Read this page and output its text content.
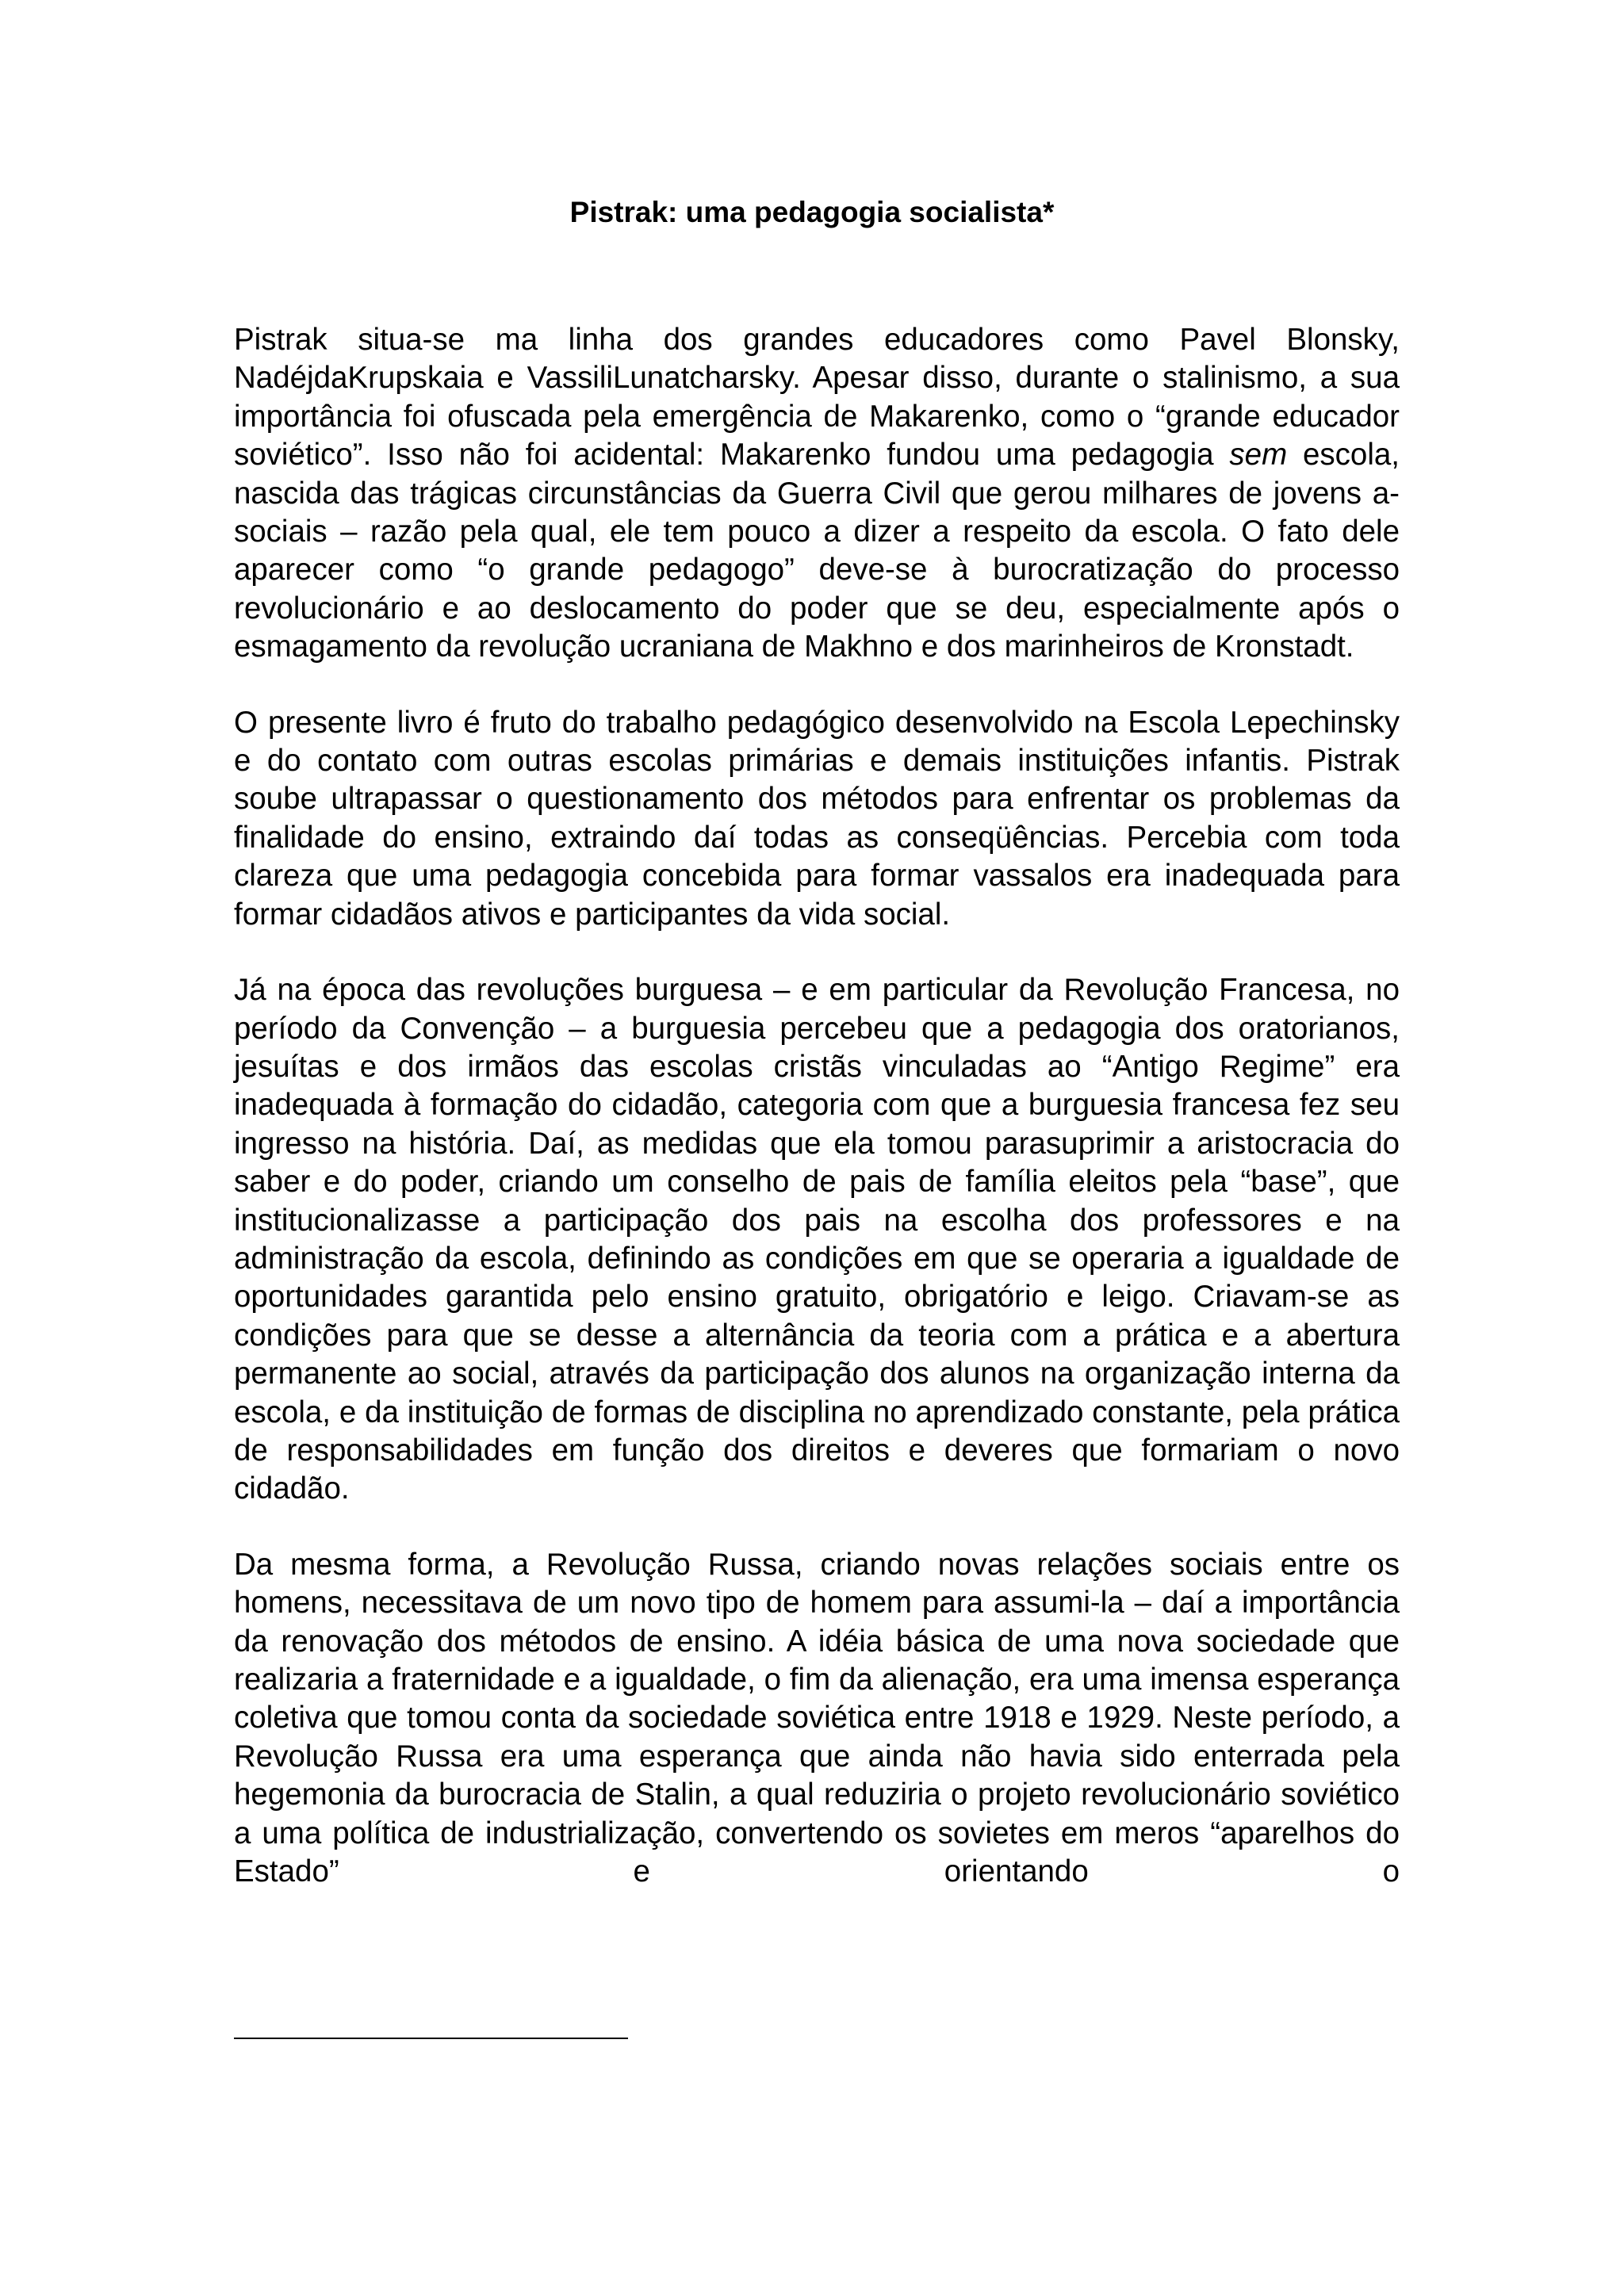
Pistrak: uma pedagogia socialista*

Pistrak situa-se ma linha dos grandes educadores como Pavel Blonsky, NadéjdaKrupskaia e VassiliLunatcharsky. Apesar disso, durante o stalinismo, a sua importância foi ofuscada pela emergência de Makarenko, como o “grande educador soviético”. Isso não foi acidental: Makarenko fundou uma pedagogia sem escola, nascida das trágicas circunstâncias da Guerra Civil que gerou milhares de jovens a-sociais – razão pela qual, ele tem pouco a dizer a respeito da escola. O fato dele aparecer como “o grande pedagogo” deve-se à burocratização do processo revolucionário e ao deslocamento do poder que se deu, especialmente após o esmagamento da revolução ucraniana de Makhno e dos marinheiros de Kronstadt.

O presente livro é fruto do trabalho pedagógico desenvolvido na Escola Lepechinsky e do contato com outras escolas primárias e demais instituições infantis. Pistrak soube ultrapassar o questionamento dos métodos para enfrentar os problemas da finalidade do ensino, extraindo daí todas as conseqüências. Percebia com toda clareza que uma pedagogia concebida para formar vassalos era inadequada para formar cidadãos ativos e participantes da vida social.

Já na época das revoluções burguesa – e em particular da Revolução Francesa, no período da Convenção – a burguesia percebeu que a pedagogia dos oratorianos, jesuítas e dos irmãos das escolas cristãs vinculadas ao “Antigo Regime” era inadequada à formação do cidadão, categoria com que a burguesia francesa fez seu ingresso na história. Daí, as medidas que ela tomou parasuprimir a aristocracia do saber e do poder, criando um conselho de pais de família eleitos pela “base”, que institucionalizasse a participação dos pais na escolha dos professores e na administração da escola, definindo as condições em que se operaria a igualdade de oportunidades garantida pelo ensino gratuito, obrigatório e leigo. Criavam-se as condições para que se desse a alternância da teoria com a prática e a abertura permanente ao social, através da participação dos alunos na organização interna da escola, e da instituição de formas de disciplina no aprendizado constante, pela prática de responsabilidades em função dos direitos e deveres que formariam o novo cidadão.

Da mesma forma, a Revolução Russa, criando novas relações sociais entre os homens, necessitava de um novo tipo de homem para assumi-la – daí a importância da renovação dos métodos de ensino. A idéia básica de uma nova sociedade que realizaria a fraternidade e a igualdade, o fim da alienação, era uma imensa esperança coletiva que tomou conta da sociedade soviética entre 1918 e 1929. Neste período, a Revolução Russa era uma esperança que ainda não havia sido enterrada pela hegemonia da burocracia de Stalin, a qual reduziria o projeto revolucionário soviético a uma política de industrialização, convertendo os sovietes em meros “aparelhos do Estado” e orientando o
